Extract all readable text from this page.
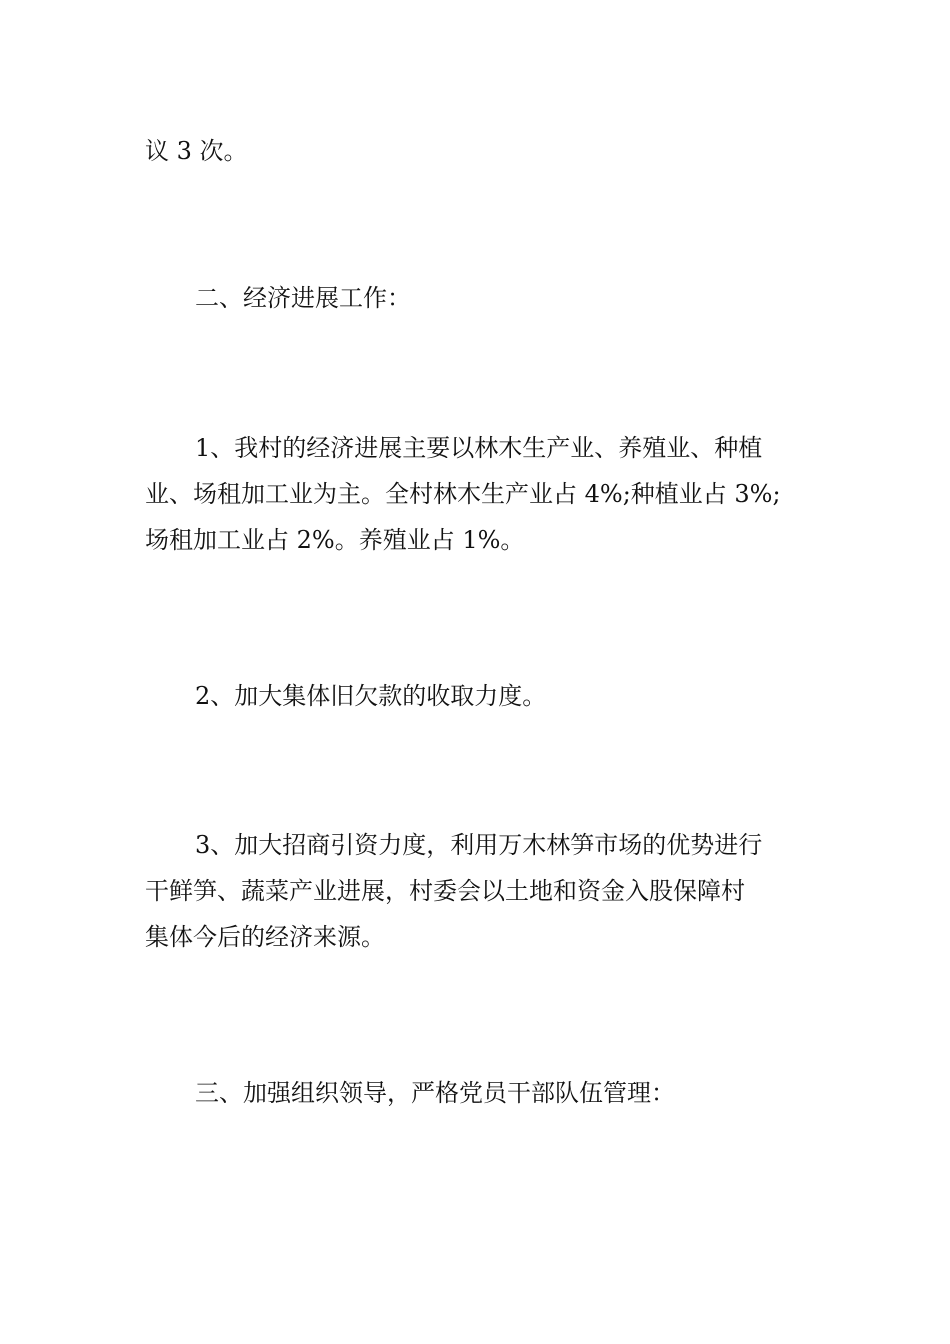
议 3 次。

二、经济进展工作：

1、我村的经济进展主要以林木生产业、养殖业、种植
业、场租加工业为主。全村林木生产业占 4%;种植业占 3%;
场租加工业占 2%。养殖业占 1%。

2、加大集体旧欠款的收取力度。

3、加大招商引资力度，利用万木林笋市场的优势进行
干鲜笋、蔬菜产业进展，村委会以土地和资金入股保障村
集体今后的经济来源。

三、加强组织领导，严格党员干部队伍管理：
